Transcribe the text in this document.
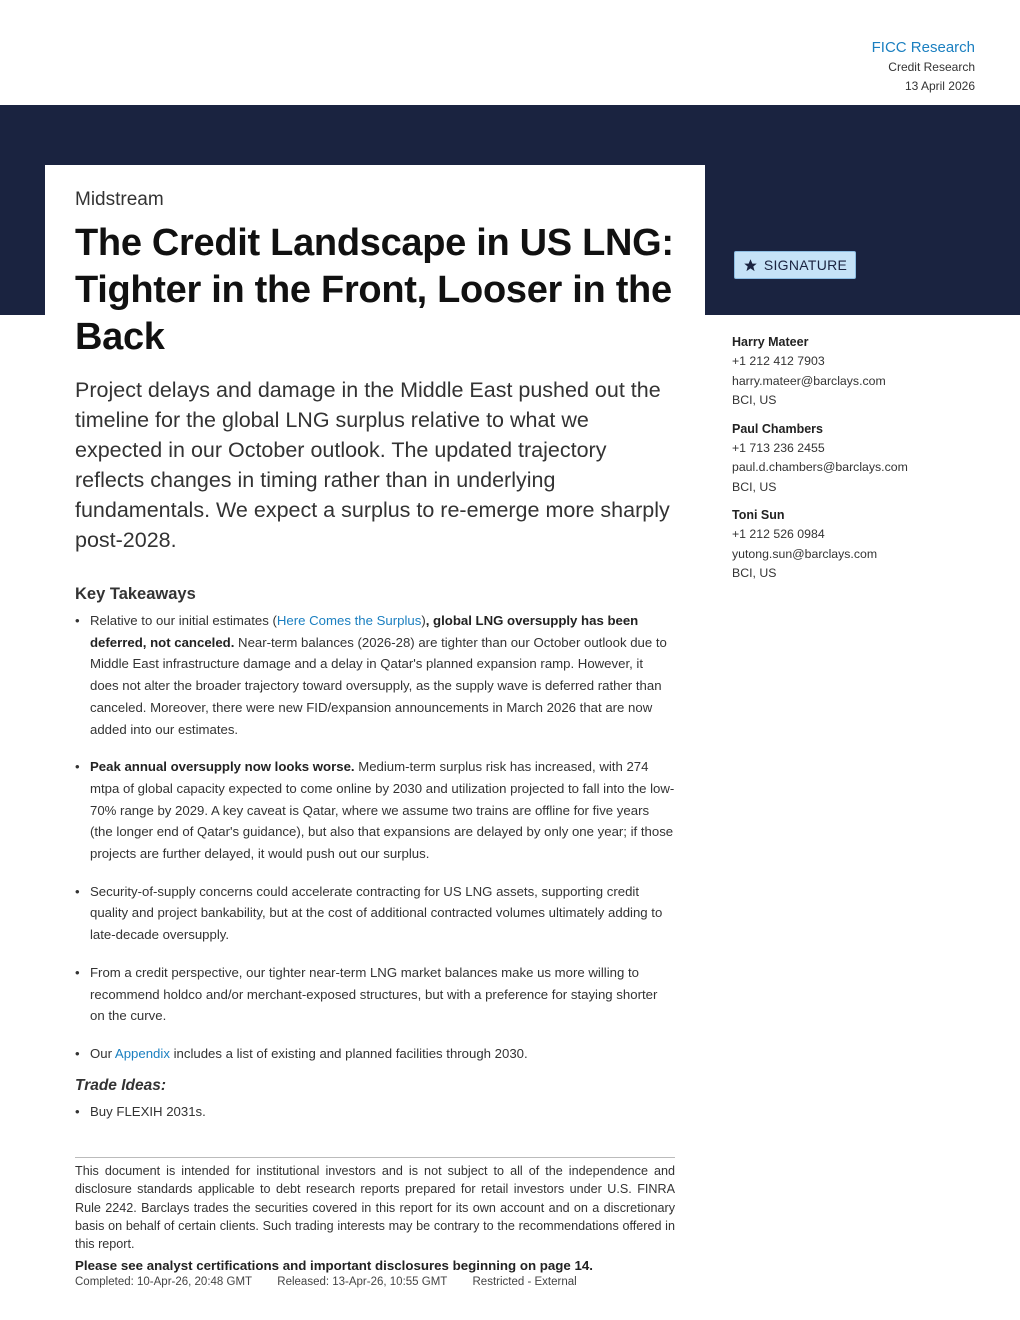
FICC Research
Credit Research
13 April 2026

Midstream

The Credit Landscape in US LNG: Tighter in the Front, Looser in the Back

Project delays and damage in the Middle East pushed out the timeline for the global LNG surplus relative to what we expected in our October outlook. The updated trajectory reflects changes in timing rather than in underlying fundamentals. We expect a surplus to re-emerge more sharply post-2028.

Key Takeaways
• Relative to our initial estimates (Here Comes the Surplus), global LNG oversupply has been deferred, not canceled. Near-term balances (2026-28) are tighter than our October outlook due to Middle East infrastructure damage and a delay in Qatar's planned expansion ramp. However, it does not alter the broader trajectory toward oversupply, as the supply wave is deferred rather than canceled. Moreover, there were new FID/expansion announcements in March 2026 that are now added into our estimates.
• Peak annual oversupply now looks worse. Medium-term surplus risk has increased, with 274 mtpa of global capacity expected to come online by 2030 and utilization projected to fall into the low-70% range by 2029. A key caveat is Qatar, where we assume two trains are offline for five years (the longer end of Qatar's guidance), but also that expansions are delayed by only one year; if those projects are further delayed, it would push out our surplus.
• Security-of-supply concerns could accelerate contracting for US LNG assets, supporting credit quality and project bankability, but at the cost of additional contracted volumes ultimately adding to late-decade oversupply.
• From a credit perspective, our tighter near-term LNG market balances make us more willing to recommend holdco and/or merchant-exposed structures, but with a preference for staying shorter on the curve.
• Our Appendix includes a list of existing and planned facilities through 2030.
Trade Ideas:
• Buy FLEXIH 2031s.
SIGNATURE
Harry Mateer
+1 212 412 7903
harry.mateer@barclays.com
BCI, US
Paul Chambers
+1 713 236 2455
paul.d.chambers@barclays.com
BCI, US
Toni Sun
+1 212 526 0984
yutong.sun@barclays.com
BCI, US

This document is intended for institutional investors and is not subject to all of the independence and disclosure standards applicable to debt research reports prepared for retail investors under U.S. FINRA Rule 2242. Barclays trades the securities covered in this report for its own account and on a discretionary basis on behalf of certain clients. Such trading interests may be contrary to the recommendations offered in this report.

Please see analyst certifications and important disclosures beginning on page 14.

Completed: 10-Apr-26, 20:48 GMT Released: 13-Apr-26, 10:55 GMT Restricted - External
